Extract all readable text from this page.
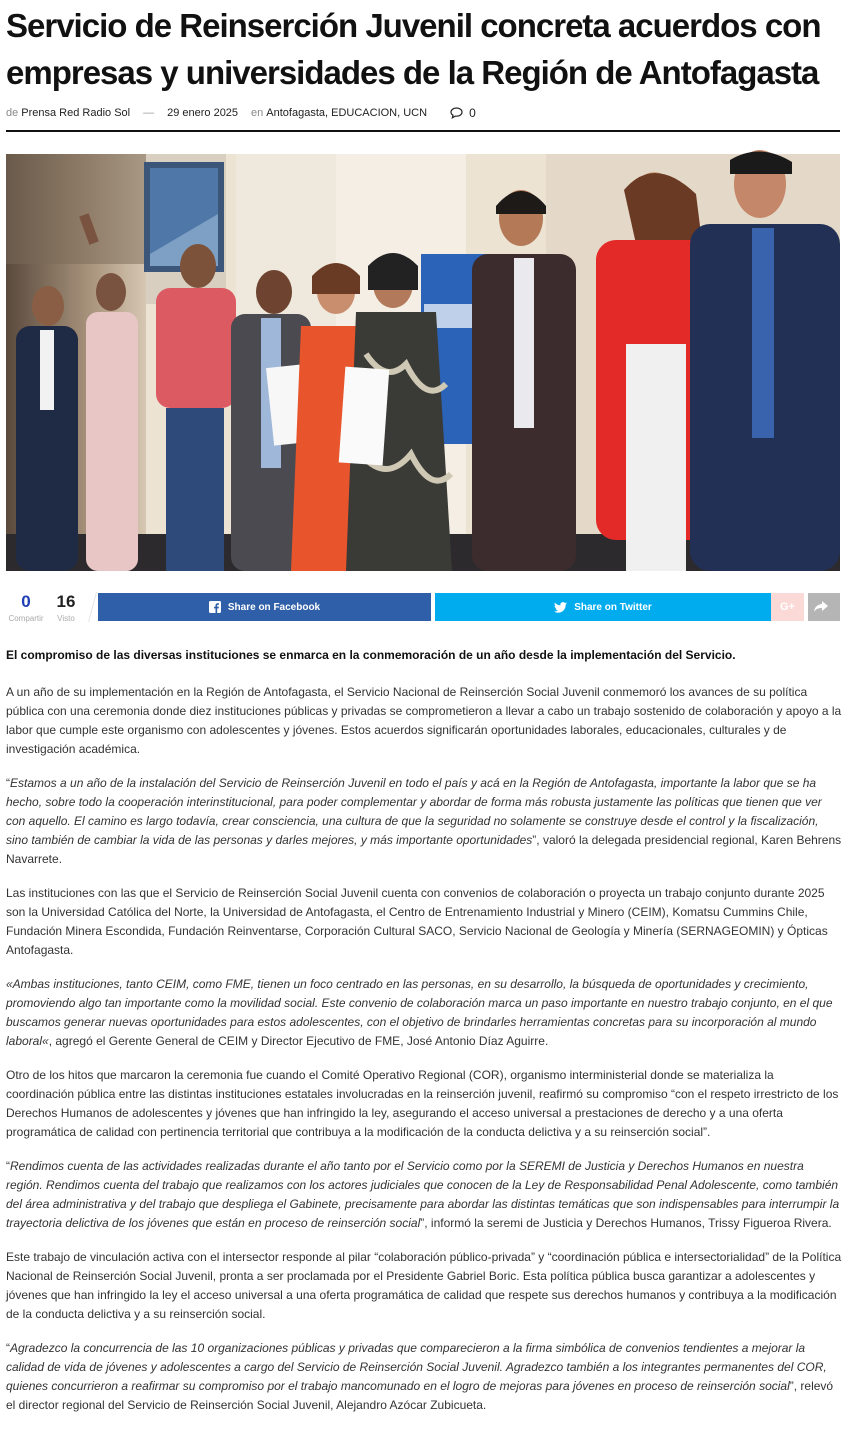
Servicio de Reinserción Juvenil concreta acuerdos con empresas y universidades de la Región de Antofagasta
de Prensa Red Radio Sol — 29 enero 2025 en Antofagasta, EDUCACION, UCN	0
0
Compartir
16
Visto
Share on Facebook	Share on Twitter	G+

El compromiso de las diversas instituciones se enmarca en la conmemoración de un año desde la implementación del Servicio.

A un año de su implementación en la Región de Antofagasta, el Servicio Nacional de Reinserción Social Juvenil conmemoró los avances de su política pública con una ceremonia donde diez instituciones públicas y privadas se comprometieron a llevar a cabo un trabajo sostenido de colaboración y apoyo a la labor que cumple este organismo con adolescentes y jóvenes. Estos acuerdos significarán oportunidades laborales, educacionales, culturales y de investigación académica.

“Estamos a un año de la instalación del Servicio de Reinserción Juvenil en todo el país y acá en la Región de Antofagasta, importante la labor que se ha hecho, sobre todo la cooperación interinstitucional, para poder complementar y abordar de forma más robusta justamente las políticas que tienen que ver con aquello. El camino es largo todavía, crear consciencia, una cultura de que la seguridad no solamente se construye desde el control y la fiscalización, sino también de cambiar la vida de las personas y darles mejores, y más importante oportunidades”, valoró la delegada presidencial regional, Karen Behrens Navarrete.

Las instituciones con las que el Servicio de Reinserción Social Juvenil cuenta con convenios de colaboración o proyecta un trabajo conjunto durante 2025 son la Universidad Católica del Norte, la Universidad de Antofagasta, el Centro de Entrenamiento Industrial y Minero (CEIM), Komatsu Cummins Chile, Fundación Minera Escondida, Fundación Reinventarse, Corporación Cultural SACO, Servicio Nacional de Geología y Minería (SERNAGEOMIN) y Ópticas Antofagasta.

«Ambas instituciones, tanto CEIM, como FME, tienen un foco centrado en las personas, en su desarrollo, la búsqueda de oportunidades y crecimiento, promoviendo algo tan importante como la movilidad social. Este convenio de colaboración marca un paso importante en nuestro trabajo conjunto, en el que buscamos generar nuevas oportunidades para estos adolescentes, con el objetivo de brindarles herramientas concretas para su incorporación al mundo laboral«, agregó el Gerente General de CEIM y Director Ejecutivo de FME, José Antonio Díaz Aguirre.

Otro de los hitos que marcaron la ceremonia fue cuando el Comité Operativo Regional (COR), organismo interministerial donde se materializa la coordinación pública entre las distintas instituciones estatales involucradas en la reinserción juvenil, reafirmó su compromiso “con el respeto irrestricto de los Derechos Humanos de adolescentes y jóvenes que han infringido la ley, asegurando el acceso universal a prestaciones de derecho y a una oferta programática de calidad con pertinencia territorial que contribuya a la modificación de la conducta delictiva y a su reinserción social”.

“Rendimos cuenta de las actividades realizadas durante el año tanto por el Servicio como por la SEREMI de Justicia y Derechos Humanos en nuestra región. Rendimos cuenta del trabajo que realizamos con los actores judiciales que conocen de la Ley de Responsabilidad Penal Adolescente, como también del área administrativa y del trabajo que despliega el Gabinete, precisamente para abordar las distintas temáticas que son indispensables para interrumpir la trayectoria delictiva de los jóvenes que están en proceso de reinserción social”, informó la seremi de Justicia y Derechos Humanos, Trissy Figueroa Rivera.

Este trabajo de vinculación activa con el intersector responde al pilar “colaboración público-privada” y “coordinación pública e intersectorialidad” de la Política Nacional de Reinserción Social Juvenil, pronta a ser proclamada por el Presidente Gabriel Boric. Esta política pública busca garantizar a adolescentes y jóvenes que han infringido la ley el acceso universal a una oferta programática de calidad que respete sus derechos humanos y contribuya a la modificación de la conducta delictiva y a su reinserción social.

“Agradezco la concurrencia de las 10 organizaciones públicas y privadas que comparecieron a la firma simbólica de convenios tendientes a mejorar la calidad de vida de jóvenes y adolescentes a cargo del Servicio de Reinserción Social Juvenil. Agradezco también a los integrantes permanentes del COR, quienes concurrieron a reafirmar su compromiso por el trabajo mancomunado en el logro de mejoras para jóvenes en proceso de reinserción social”, relevó el director regional del Servicio de Reinserción Social Juvenil, Alejandro Azócar Zubicueta.
